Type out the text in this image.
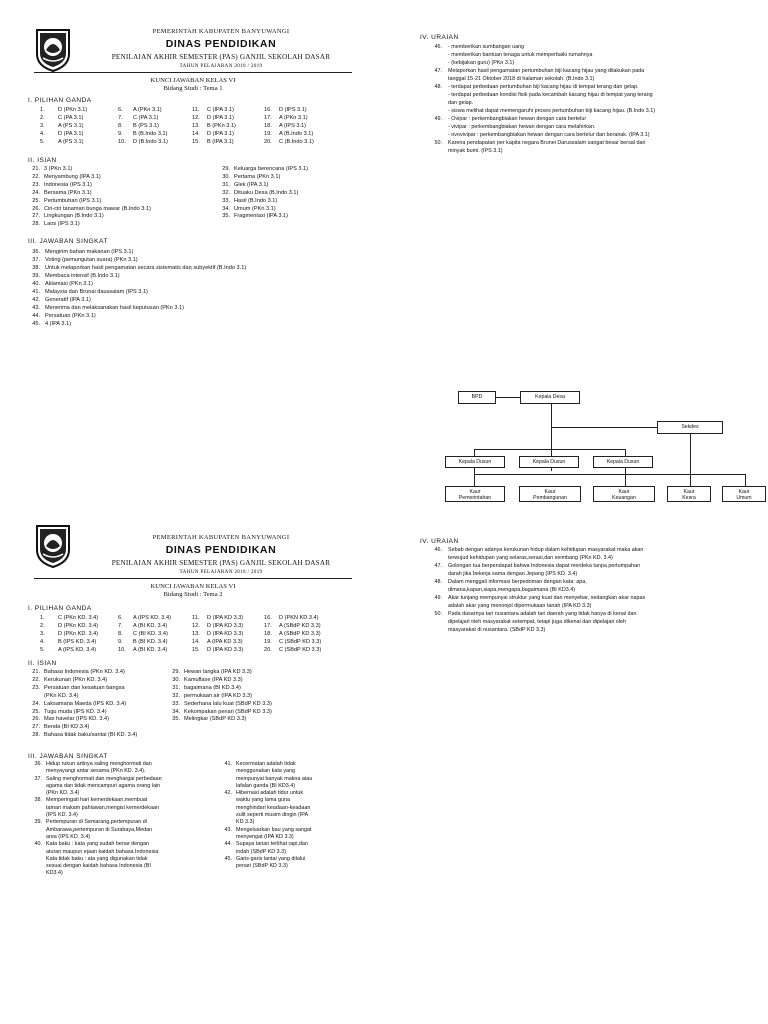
PEMERINTAH KABUPATEN BANYUWANGI
DINAS PENDIDIKAN
PENILAIAN AKHIR SEMESTER (PAS) GANJIL SEKOLAH DASAR
TAHUN PELAJARAN 2018 / 2019
KUNCI JAWABAN KELAS VI
Bidang Studi : Tema 1
I. PILIHAN GANDA
1.	D (PKn 3.1)	6.	A (PKn 3.1)	11.	C (IPA 3.1)	16.	D (IPS 3.1)
2.	C (PA 3.1)	7.	C (PA 3.1)	12.	D (IPA 3.1)	17.	A (PKn 3.1)
3.	A (PS 3.1)	8.	B (PS 3.1)	13.	B (PKn 3.1)	18.	A (IPS 3.1)
4.	D (PA 3.1)	9.	B (B.Indo 3.1)	14.	D (IPA 3.1)	19.	A (B.Indo 3.1)
5.	A (PS 3.1)	10.	D (B.Indo 3.1)	15.	B (IPA 3.1)	20.	C (B.Indo 3.1)
II. ISIAN
21. 3 (PKn 3.1)
22. Menyambung (IPA 3.1)
23. Indonesia (IPS 3.1)
24. Bersama (PKn 3.1)
25. Pertumbuhan (IPS 3.1)
26. Ciri-ciri tanaman bunga mawar (B.Indo 3.1)
27. Lingkungan (B.Indo 3.1)
28. Laos (IPS 3.1)
29. Keluarga berencana (IPS 3.1)
30. Pertama (PKn 3.1)
31. Glek (IPA 3.1)
32. Dituaku Desa (B.Indo 3.1)
33. Hasil (B.Indo 3.1)
34. Umum (PKn 3.1)
35. Fragmentasi (IPA 3.1)
III. JAWABAN SINGKAT
36. Mengirim bahan makanan (IPS 3.1)
37. Voting (pemungutan suara) (PKn 3.1)
38. Untuk melaporkan hasil pengamatan secara sistematis dan subyektif (B.Indo 3.1)
39. Membaca intensif (B.Indo 3.1)
40. Aklamasi (PKn 3.1)
41. Malaysia dan Brunai daussalam (IPS 3.1)
42. Generatif (IPA 3.1)
43. Menerima dan melaksanakan hasil keputusan (PKn 3.1)
44. Persatuan (PKn 3.1)
45. 4 (IPA 3.1)
IV. URAIAN
46. - memberikan sumbangan uang
- memberikan bantuan tenaga untuk memperbaiki rumahnya
- (kebijakan guru) (PKn 3.1)
47. Melaporkan hasil pengamatan pertumbuhan biji kacang hijau yang dilakukan pada
tanggal 15-21 Oktober 2018 di halaman sekolah. (B.Indo 3.1)
48. - terdapat perbedaan pertumbuhan biji kacang hijau di tempat terang dan gelap.
- terdapat perbedaan kondisi fisik pada kecambah kacang hijau di tempat yang terang
dan gelap.
- siswa melihat dapat memengaruhi proses pertumbuhan biji kacang hijau. (B.Indo 3.1)
49. - Ovipar : perkembangbiakan hewan dengan cara bertelur
- vivipar : perkembangbiakan hewan dengan cara melahirkan.
- ovovivipar : perkembangbiakan hewan dengan cara bertelur dan beranak. (IPA 3.1)
50. Karena pendapatan per kapita negara Brunei Darussalam sangat besar bersal dari
minyak bumi. (IPS 3.1)
BPD	Kepala Desa
Sekdes
Kepala Dusun	Kepala Dusun	Kepala Dusun
Kaur
Pemerintahan
Kaur
Pembangunan
Kaur
Keuangan
Kaur
Kesra
Kaur
Umum
PEMERINTAH KABUPATEN BANYUWANGI
DINAS PENDIDIKAN
PENILAIAN AKHIR SEMESTER (PAS) GANJIL SEKOLAH DASAR
TAHUN PELAJARAN 2018 / 2019
KUNCI JAWABAN KELAS VI
Bidang Studi : Tema 2
I. PILIHAN GANDA
1.	C (PKn KD. 3.4)	6.	A (IPS KD. 3.4)	11.	D (IPA KD 3.3)	16.	D (PKN KD 3.4)
2.	D (PKn KD. 3.4)	7.	A (BI KD. 3.4)	12.	D (IPA KD 3.3)	17.	A (SBdP KD 3.3)
3.	D (PKn KD. 3.4)	8.	C (BI KD. 3.4)	13.	D (IPA KD 3.3)	18.	A (SBdP KD 3.3)
4.	B (IPS KD. 3.4)	9.	B (BI KD. 3.4)	14.	A (IPA KD 3.3)	19.	C (SBdP KD 3.3)
5.	A (IPS KD. 3.4)	10.	A (BI KD. 3.4)	15.	D (IPA KD 3.3)	20.	C (SBdP KD 3.3)
II. ISIAN
21. Bahasa Indonesia (PKn KD. 3.4)
22. Kerukunan (PKn KD. 3.4)
23. Persatuan dan kesatuan bangsa
(PKn KD. 3.4)
24. Laksamana Maeda (IPS KD. 3.4)
25. Tugu muda (IPS KD. 3.4)
26. Max havelar (IPS KD. 3.4)
27. Benda (BI KD.3.4)
28. Bahasa tidak baku/santai (BI KD. 3.4)
29. Hewan langka (IPA KD 3.3)
30. Kamuflase (IPA KD 3.3)
31. bagaimana (BI KD.3.4)
32. permukaan air (IPA KD 3.3)
33. Sederhana lalu kuat (SBdP KD 3.3)
34. Kekompakan penari (SBdP KD 3.3)
35. Melingkar (SBdP KD 3.3)
III. JAWABAN SINGKAT
36. Hidup rukun artinya saling menghormati dan
menyayangi antar sesama (PKn KD. 3.4).
37. Saling menghormati dan menghargai perbedaan
agama dan tidak mencampuri agama orang lain
(PKn KD. 3.4)
38. Memperingati hari kemerdekaan,membuat
taman makam pahlawan,mengisi kemerdekaan
(IPS KD. 3.4)
39. Pertempuran di Semarang,pertempuran di
Ambarawa,pertempuran di Surabaya,Medan
area (IPS KD. 3.4)
40. Kata baku : kata yang sudah benar dengan
aturan maupun ejaan kaidah bahasa Indonesia
Kata tidak baku : ata yang digunakan tidak
sesuai dengan kaidah bahasa Indonesia (BI
KD3.4)
41. Kecermatan adalah tidak
menggunakan kata yang
mempunyai banyak makna atau
lafalan ganda (BI KD3.4)
42. Hibernasi adalah tidur untuk
waktu yang lama guna
menghindari keadaan-keadaan
sulit seperti musim dingin (IPA
KD 3.3)
43. Mengeluarkan bau yang sangat
menyengat (IPA KD 3.3)
44. Supaya tarian terlihat rapi,dan
indah (SBdP KD 3.3)
45. Garis-garis lantai yang dilalui
penari (SBdP KD 3.3)
IV. URAIAN
46. Sebab dengan adanya kerukunan hidup dalam kehidupan masyarakat maka akan
terwujud kehidupan yang selaras,serasi,dan seimbang (PKn KD. 3.4)
47. Golongan tua berpendapat bahwa Indonesia dapat merdeka tanpa pertumpahan
darah jika bekerja sama dengan Jepang (IPS KD. 3.4)
48. Dalam menggali informasi berpedoman dengan kata: apa,
dimana,kapan,siapa,mengapa,bagaimana (BI KD3.4)
49. Akar tunjang mempunyai struktur yang kuat dan menyebar, sedangkan akar napas
adalah akar yang menonjol dipermukaan tanah (IPA KD 3.3)
50. Pada dasarnya tari nusantara adalah tari daerah yang tidak hanya di kenal dan
dipelajari oleh masyarakat setempat, tetapi juga dikenal dan dipelajari oleh
masyarakat di nusantara. (SBdP KD 3.3)
